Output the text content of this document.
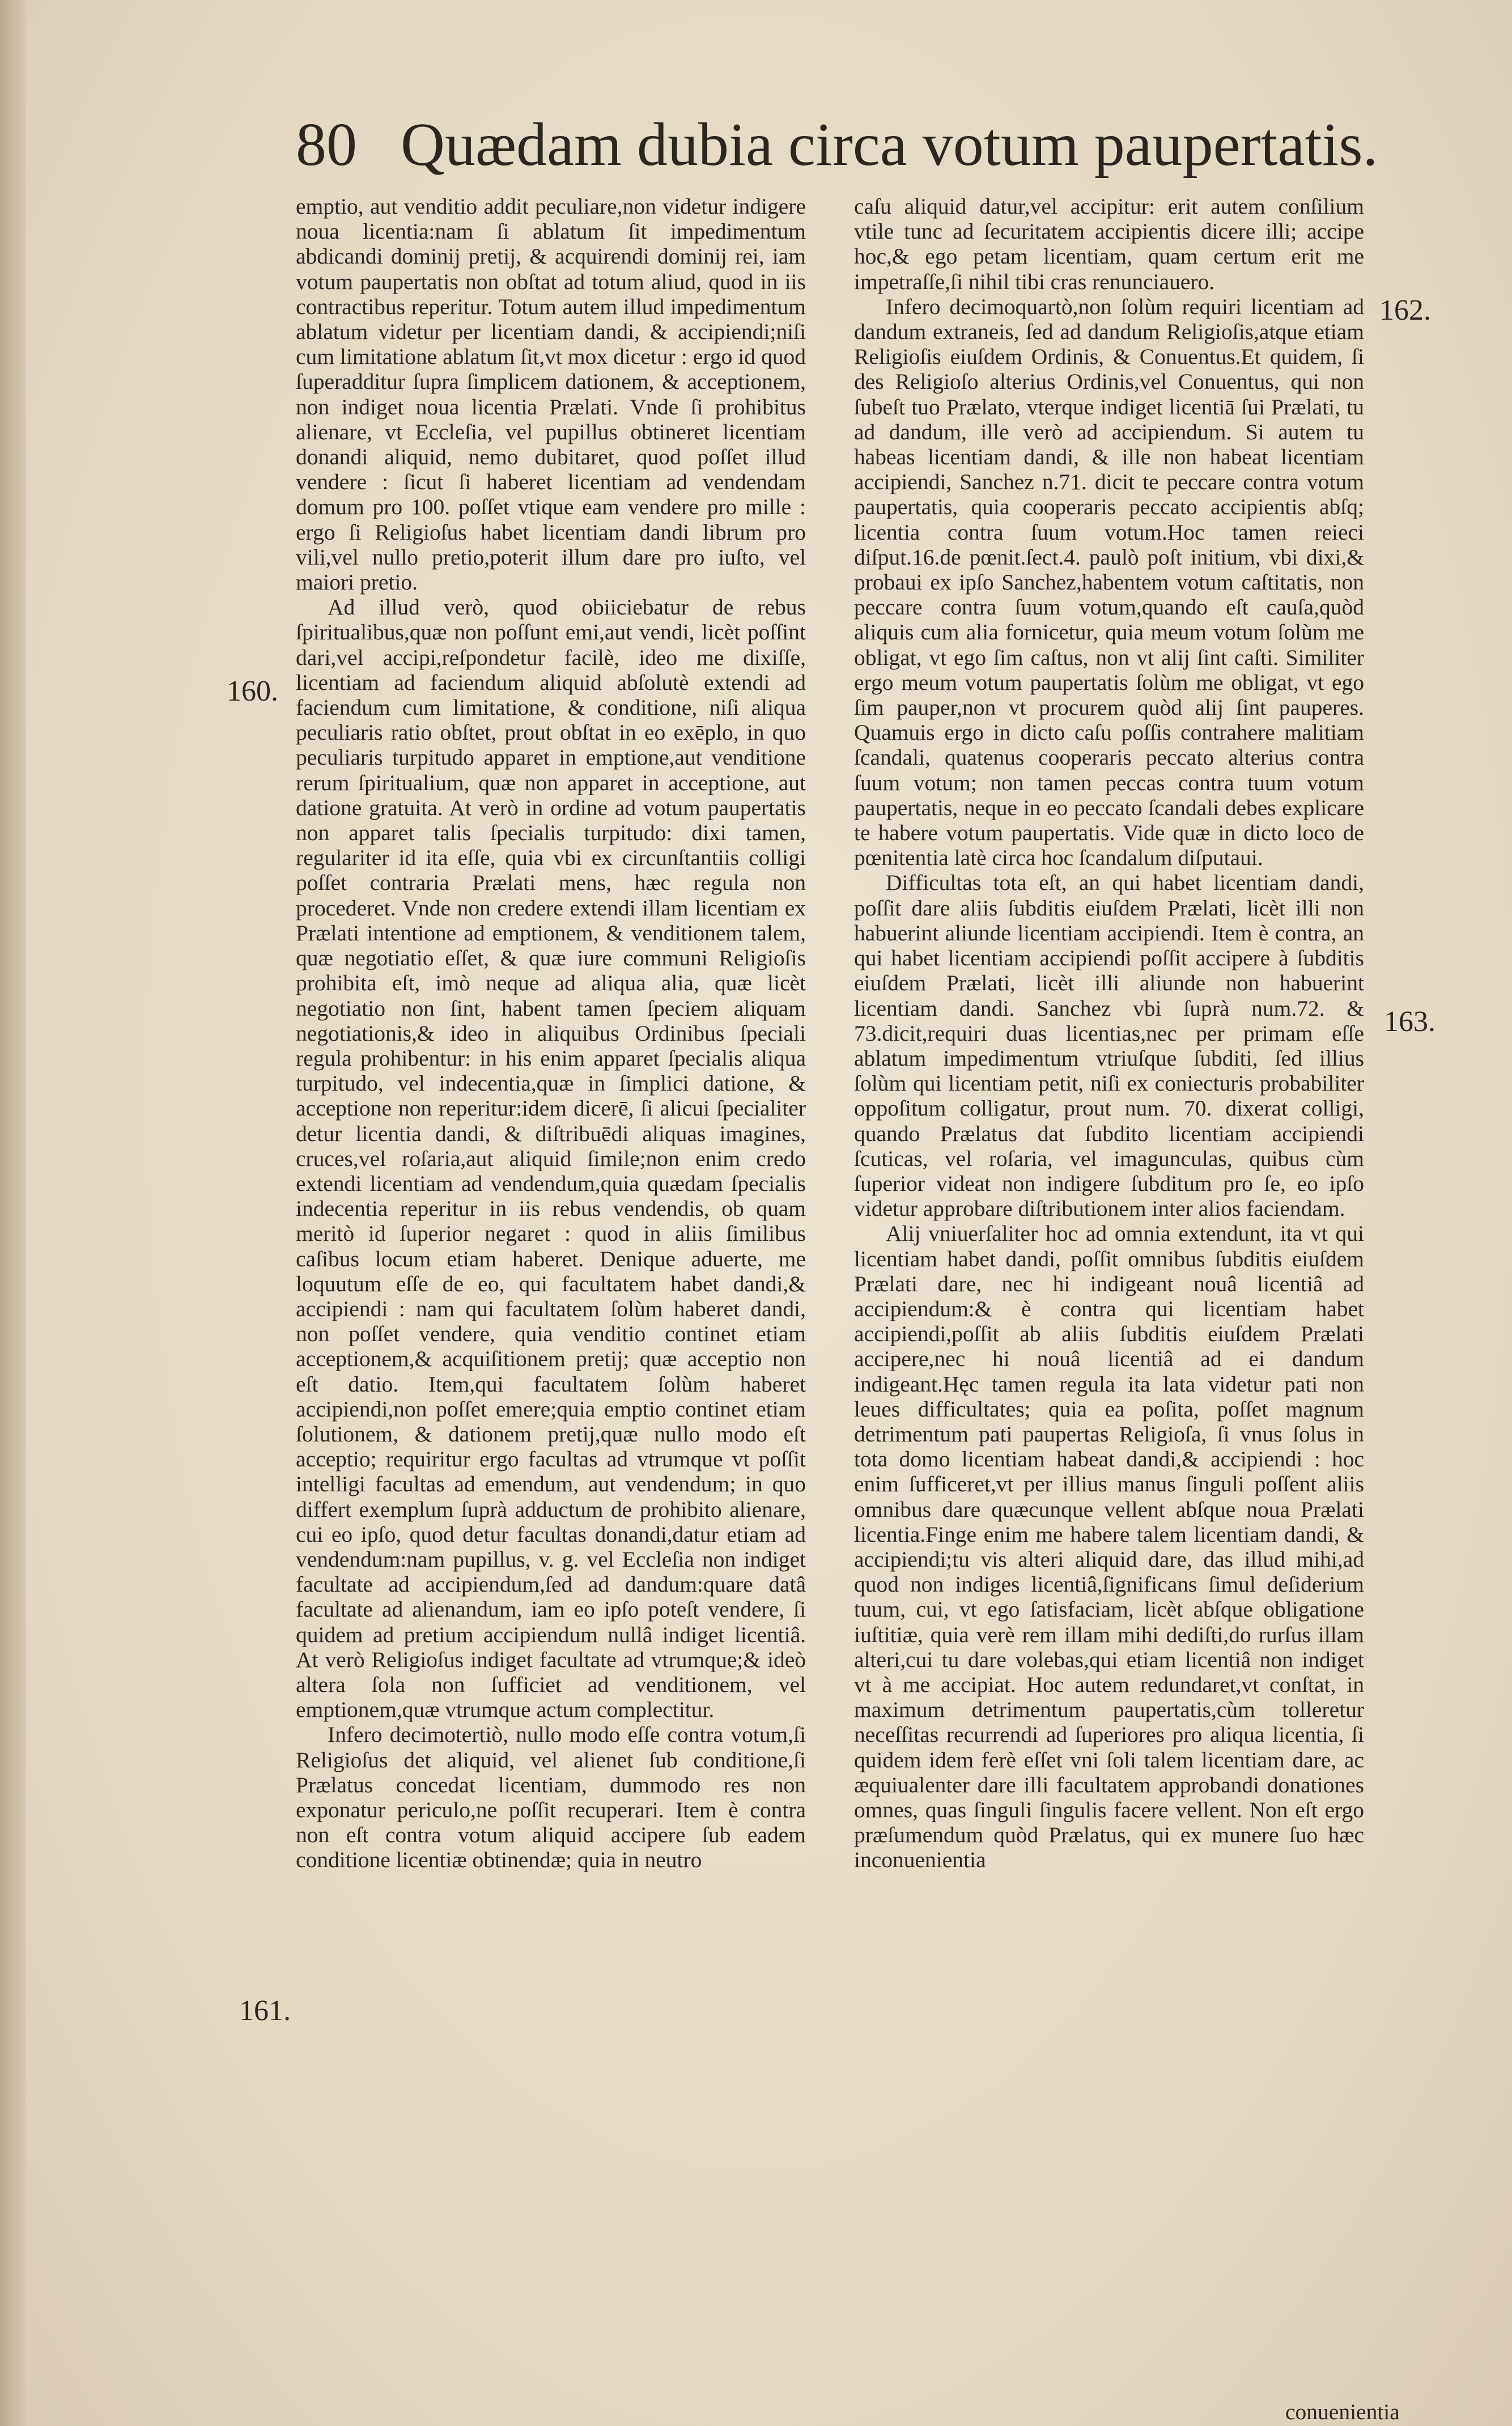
80 Quædam dubia circa votum paupertatis.
160.
161.
162.
163.

emptio, aut venditio addit peculiare,non videtur indigere noua licentia:nam ſi ablatum ſit impedimentum abdicandi dominij pretij, & acquirendi dominij rei, iam votum paupertatis non obſtat ad totum aliud, quod in iis contractibus reperitur. Totum autem illud impedimentum ablatum videtur per licentiam dandi, & accipiendi;niſi cum limitatione ablatum ſit,vt mox dicetur : ergo id quod ſuperadditur ſupra ſimplicem dationem, & acceptionem, non indiget noua licentia Prælati. Vnde ſi prohibitus alienare, vt Eccleſia, vel pupillus obtineret licentiam donandi aliquid, nemo dubitaret, quod poſſet illud vendere : ſicut ſi haberet licentiam ad vendendam domum pro 100. poſſet vtique eam vendere pro mille : ergo ſi Religioſus habet licentiam dandi librum pro vili,vel nullo pretio,poterit illum dare pro iuſto, vel maiori pretio.

Ad illud verò, quod obiiciebatur de rebus ſpiritualibus,quæ non poſſunt emi,aut vendi, licèt poſſint dari,vel accipi,reſpondetur facilè, ideo me dixiſſe, licentiam ad faciendum aliquid abſolutè extendi ad faciendum cum limitatione, & conditione, niſi aliqua peculiaris ratio obſtet, prout obſtat in eo exēplo, in quo peculiaris turpitudo apparet in emptione,aut venditione rerum ſpiritualium, quæ non apparet in acceptione, aut datione gratuita. At verò in ordine ad votum paupertatis non apparet talis ſpecialis turpitudo: dixi tamen, regulariter id ita eſſe, quia vbi ex circunſtantiis colligi poſſet contraria Prælati mens, hæc regula non procederet. Vnde non credere extendi illam licentiam ex Prælati intentione ad emptionem, & venditionem talem, quæ negotiatio eſſet, & quæ iure communi Religioſis prohibita eſt, imò neque ad aliqua alia, quæ licèt negotiatio non ſint, habent tamen ſpeciem aliquam negotiationis,& ideo in aliquibus Ordinibus ſpeciali regula prohibentur: in his enim apparet ſpecialis aliqua turpitudo, vel indecentia,quæ in ſimplici datione, & acceptione non reperitur:idem dicerē, ſi alicui ſpecialiter detur licentia dandi, & diſtribuēdi aliquas imagines, cruces,vel roſaria,aut aliquid ſimile;non enim credo extendi licentiam ad vendendum,quia quædam ſpecialis indecentia reperitur in iis rebus vendendis, ob quam meritò id ſuperior negaret : quod in aliis ſimilibus caſibus locum etiam haberet. Denique aduerte, me loquutum eſſe de eo, qui facultatem habet dandi,& accipiendi : nam qui facultatem ſolùm haberet dandi, non poſſet vendere, quia venditio continet etiam acceptionem,& acquiſitionem pretij; quæ acceptio non eſt datio. Item,qui facultatem ſolùm haberet accipiendi,non poſſet emere;quia emptio continet etiam ſolutionem, & dationem pretij,quæ nullo modo eſt acceptio; requiritur ergo facultas ad vtrumque vt poſſit intelligi facultas ad emendum, aut vendendum; in quo differt exemplum ſuprà adductum de prohibito alienare, cui eo ipſo, quod detur facultas donandi,datur etiam ad vendendum:nam pupillus, v. g. vel Eccleſia non indiget facultate ad accipiendum,ſed ad dandum:quare datâ facultate ad alienandum, iam eo ipſo poteſt vendere, ſi quidem ad pretium accipiendum nullâ indiget licentiâ. At verò Religioſus indiget facultate ad vtrumque;& ideò altera ſola non ſufficiet ad venditionem, vel emptionem,quæ vtrumque actum complectitur.

Infero decimotertiò, nullo modo eſſe contra votum,ſi Religioſus det aliquid, vel alienet ſub conditione,ſi Prælatus concedat licentiam, dummodo res non exponatur periculo,ne poſſit recuperari. Item è contra non eſt contra votum aliquid accipere ſub eadem conditione licentiæ obtinendæ; quia in neutro

caſu aliquid datur,vel accipitur: erit autem conſilium vtile tunc ad ſecuritatem accipientis dicere illi; accipe hoc,& ego petam licentiam, quam certum erit me impetraſſe,ſi nihil tibi cras renunciauero.

Infero decimoquartò,non ſolùm requiri licentiam ad dandum extraneis, ſed ad dandum Religioſis,atque etiam Religioſis eiuſdem Ordinis, & Conuentus.Et quidem, ſi des Religioſo alterius Ordinis,vel Conuentus, qui non ſubeſt tuo Prælato, vterque indiget licentiā ſui Prælati, tu ad dandum, ille verò ad accipiendum. Si autem tu habeas licentiam dandi, & ille non habeat licentiam accipiendi, Sanchez n.71. dicit te peccare contra votum paupertatis, quia cooperaris peccato accipientis abſq; licentia contra ſuum votum.Hoc tamen reieci diſput.16.de pœnit.ſect.4. paulò poſt initium, vbi dixi,& probaui ex ipſo Sanchez,habentem votum caſtitatis, non peccare contra ſuum votum,quando eſt cauſa,quòd aliquis cum alia fornicetur, quia meum votum ſolùm me obligat, vt ego ſim caſtus, non vt alij ſint caſti. Similiter ergo meum votum paupertatis ſolùm me obligat, vt ego ſim pauper,non vt procurem quòd alij ſint pauperes. Quamuis ergo in dicto caſu poſſis contrahere malitiam ſcandali, quatenus cooperaris peccato alterius contra ſuum votum; non tamen peccas contra tuum votum paupertatis, neque in eo peccato ſcandali debes explicare te habere votum paupertatis. Vide quæ in dicto loco de pœnitentia latè circa hoc ſcandalum diſputaui.

Difficultas tota eſt, an qui habet licentiam dandi, poſſit dare aliis ſubditis eiuſdem Prælati, licèt illi non habuerint aliunde licentiam accipiendi. Item è contra, an qui habet licentiam accipiendi poſſit accipere à ſubditis eiuſdem Prælati, licèt illi aliunde non habuerint licentiam dandi. Sanchez vbi ſuprà num.72. & 73.dicit,requiri duas licentias,nec per primam eſſe ablatum impedimentum vtriuſque ſubditi, ſed illius ſolùm qui licentiam petit, niſi ex coniecturis probabiliter oppoſitum colligatur, prout num. 70. dixerat colligi, quando Prælatus dat ſubdito licentiam accipiendi ſcuticas, vel roſaria, vel imagunculas, quibus cùm ſuperior videat non indigere ſubditum pro ſe, eo ipſo videtur approbare diſtributionem inter alios faciendam.

Alij vniuerſaliter hoc ad omnia extendunt, ita vt qui licentiam habet dandi, poſſit omnibus ſubditis eiuſdem Prælati dare, nec hi indigeant nouâ licentiâ ad accipiendum:& è contra qui licentiam habet accipiendi,poſſit ab aliis ſubditis eiuſdem Prælati accipere,nec hi nouâ licentiâ ad ei dandum indigeant.Hęc tamen regula ita lata videtur pati non leues difficultates; quia ea poſita, poſſet magnum detrimentum pati paupertas Religioſa, ſi vnus ſolus in tota domo licentiam habeat dandi,& accipiendi : hoc enim ſufficeret,vt per illius manus ſinguli poſſent aliis omnibus dare quæcunque vellent abſque noua Prælati licentia.Finge enim me habere talem licentiam dandi, & accipiendi;tu vis alteri aliquid dare, das illud mihi,ad quod non indiges licentiâ,ſignificans ſimul deſiderium tuum, cui, vt ego ſatisfaciam, licèt abſque obligatione iuſtitiæ, quia verè rem illam mihi dediſti,do rurſus illam alteri,cui tu dare volebas,qui etiam licentiâ non indiget vt à me accipiat. Hoc autem redundaret,vt conſtat, in maximum detrimentum paupertatis,cùm tolleretur neceſſitas recurrendi ad ſuperiores pro aliqua licentia, ſi quidem idem ferè eſſet vni ſoli talem licentiam dare, ac æquiualenter dare illi facultatem approbandi donationes omnes, quas ſinguli ſingulis facere vellent. Non eſt ergo præſumendum quòd Prælatus, qui ex munere ſuo hæc inconuenientia

conuenientia
